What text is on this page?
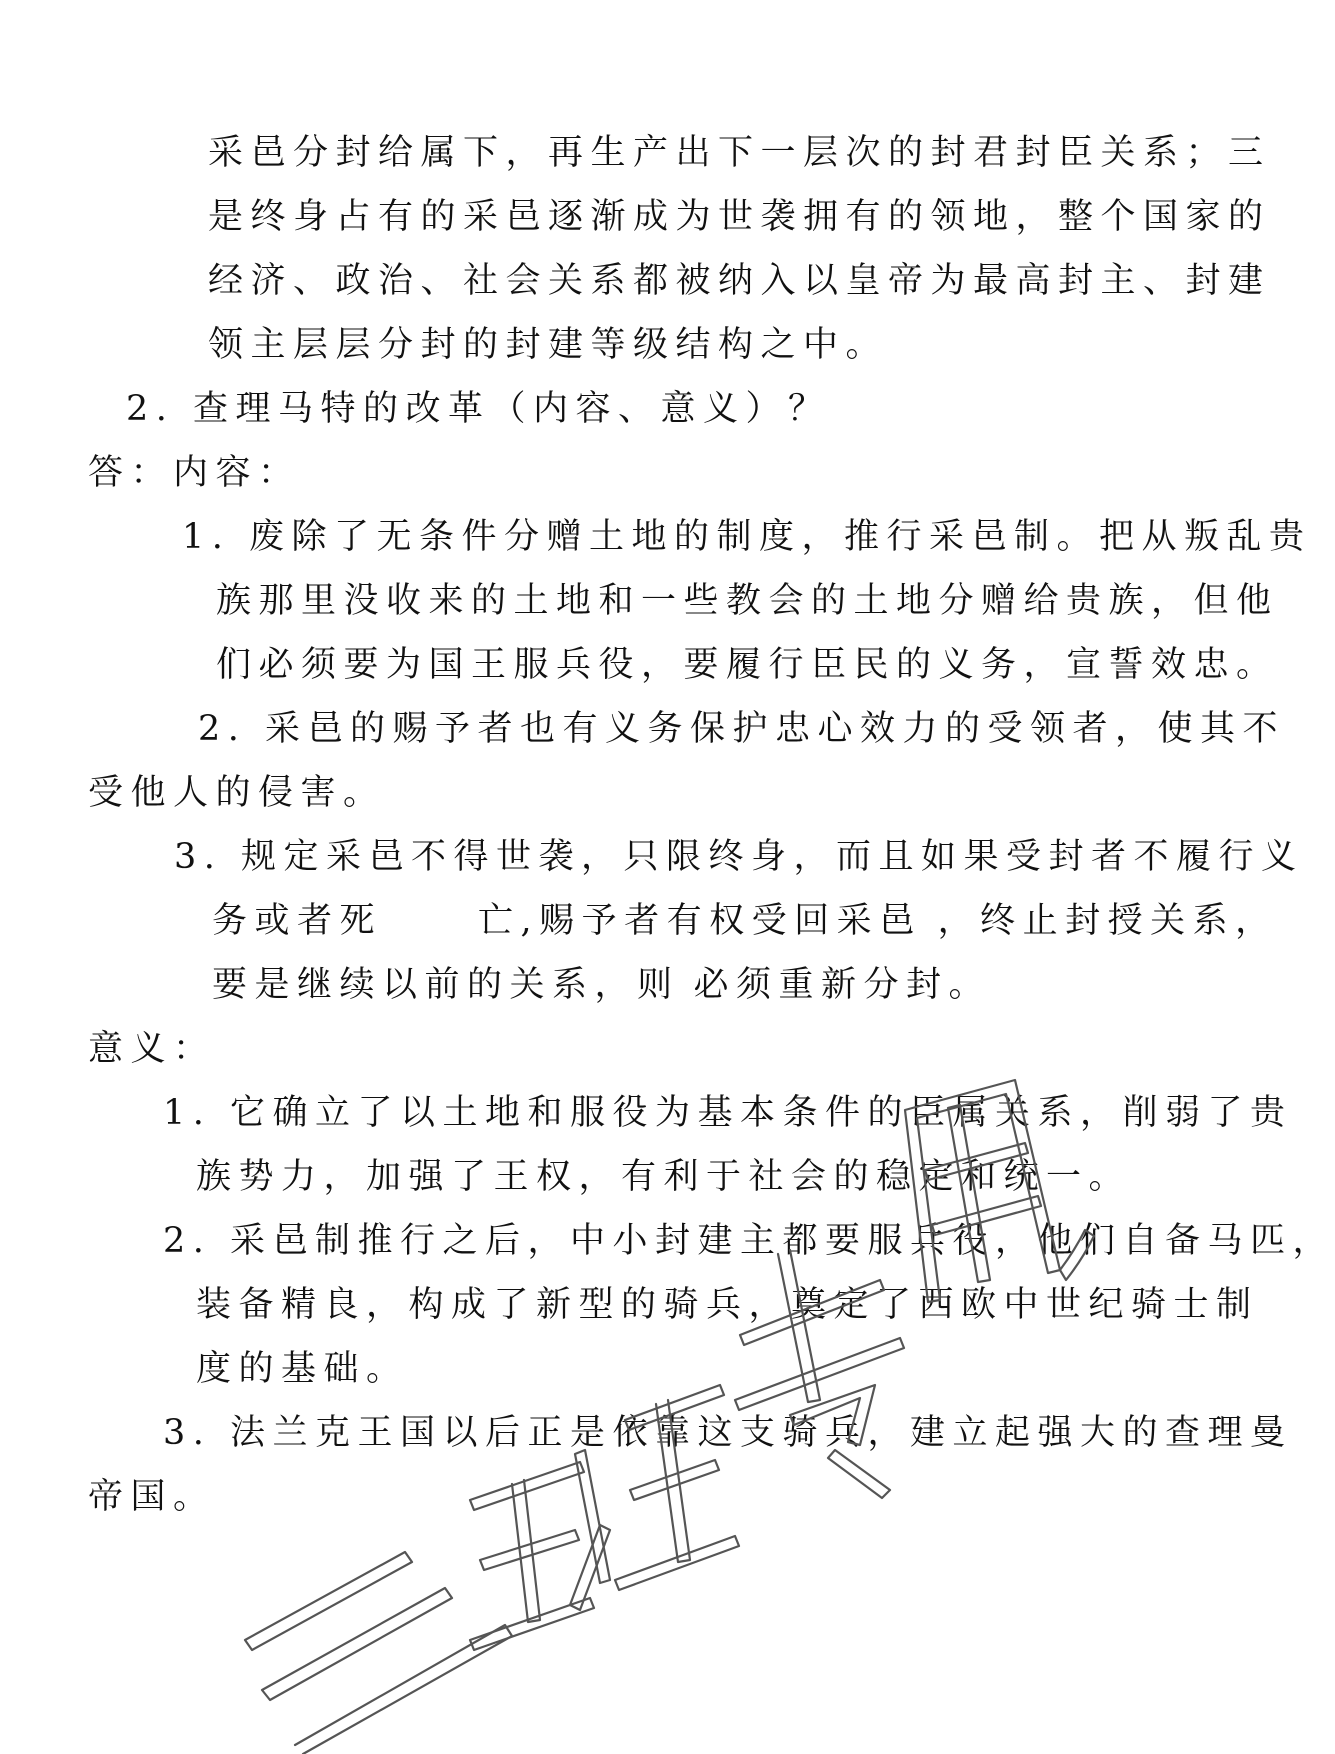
采邑分封给属下，再生产出下一层次的封君封臣关系；三
是终身占有的采邑逐渐成为世袭拥有的领地，整个国家的
经济、政治、社会关系都被纳入以皇帝为最高封主、封建
领主层层分封的封建等级结构之中。
2. 查理马特的改革（内容、意义）？
答：内容：
1. 废除了无条件分赠土地的制度，推行采邑制。把从叛乱贵
族那里没收来的土地和一些教会的土地分赠给贵族，但他
们必须要为国王服兵役，要履行臣民的义务，宣誓效忠。
2. 采邑的赐予者也有义务保护忠心效力的受领者，使其不
受他人的侵害。
3. 规定采邑不得世袭，只限终身，而且如果受封者不履行义
务或者死	亡,赐予者有权受回采邑 ，终止封授关系，
要是继续以前的关系，则 必须重新分封。
意义：
1. 它确立了以土地和服役为基本条件的臣属关系，削弱了贵
族势力，加强了王权，有利于社会的稳定和统一。
2. 采邑制推行之后，中小封建主都要服兵役，他们自备马匹，
装备精良，构成了新型的骑兵，奠定了西欧中世纪骑士制
度的基础。
3. 法兰克王国以后正是依靠这支骑兵，建立起强大的查理曼
帝国。
